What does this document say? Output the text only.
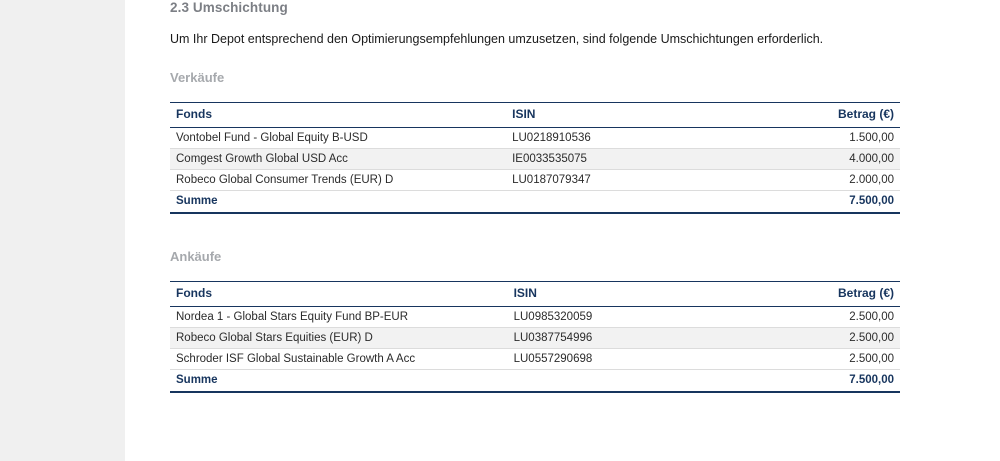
2.3 Umschichtung

Um Ihr Depot entsprechend den Optimierungsempfehlungen umzusetzen, sind folgende Umschichtungen erforderlich.

Verkäufe
Fonds	ISIN	Betrag (€)
Vontobel Fund - Global Equity B-USD	LU0218910536	1.500,00
Comgest Growth Global USD Acc	IE0033535075	4.000,00
Robeco Global Consumer Trends (EUR) D	LU0187079347	2.000,00
Summe		7.500,00
Ankäufe
Fonds	ISIN	Betrag (€)
Nordea 1 - Global Stars Equity Fund BP-EUR	LU0985320059	2.500,00
Robeco Global Stars Equities (EUR) D	LU0387754996	2.500,00
Schroder ISF Global Sustainable Growth A Acc	LU0557290698	2.500,00
Summe		7.500,00
